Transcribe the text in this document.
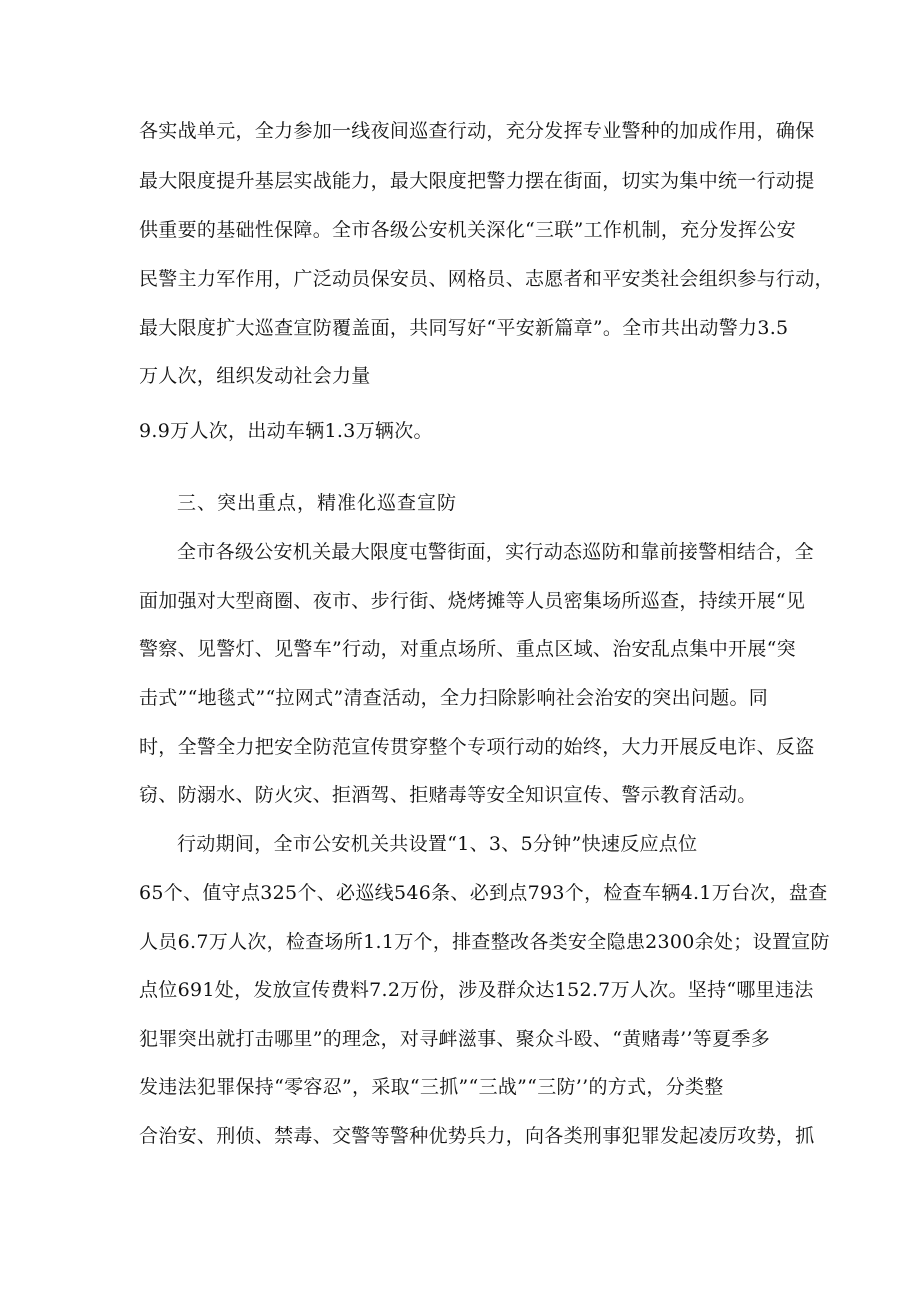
各实战单元，全力参加一线夜间巡查行动，充分发挥专业警种的加成作用，确保
最大限度提升基层实战能力，最大限度把警力摆在街面，切实为集中统一行动提
供重要的基础性保障。全市各级公安机关深化“三联”工作机制，充分发挥公安
民警主力军作用，广泛动员保安员、网格员、志愿者和平安类社会组织参与行动，
最大限度扩大巡查宣防覆盖面，共同写好“平安新篇章”。全市共出动警力3.5
万人次，组织发动社会力量
9.9万人次，出动车辆1.3万辆次。
三、突出重点，精准化巡查宣防
全市各级公安机关最大限度屯警街面，实行动态巡防和靠前接警相结合，全
面加强对大型商圈、夜市、步行街、烧烤摊等人员密集场所巡查，持续开展“见
警察、见警灯、见警车”行动，对重点场所、重点区域、治安乱点集中开展“突
击式”“地毯式”“拉网式”清查活动，全力扫除影响社会治安的突出问题。同
时，全警全力把安全防范宣传贯穿整个专项行动的始终，大力开展反电诈、反盗
窃、防溺水、防火灾、拒酒驾、拒赌毒等安全知识宣传、警示教育活动。
行动期间，全市公安机关共设置“1、3、5分钟”快速反应点位
65个、值守点325个、必巡线546条、必到点793个，检查车辆4.1万台次，盘查
人员6.7万人次，检查场所1.1万个，排查整改各类安全隐患2300余处；设置宣防
点位691处，发放宣传费料7.2万份，涉及群众达152.7万人次。坚持“哪里违法
犯罪突出就打击哪里”的理念，对寻衅滋事、聚众斗殴、“黄赌毒’’等夏季多
发违法犯罪保持“零容忍”，采取“三抓”“三战”“三防’’的方式，分类整
合治安、刑侦、禁毒、交警等警种优势兵力，向各类刑事犯罪发起凌厉攻势，抓
